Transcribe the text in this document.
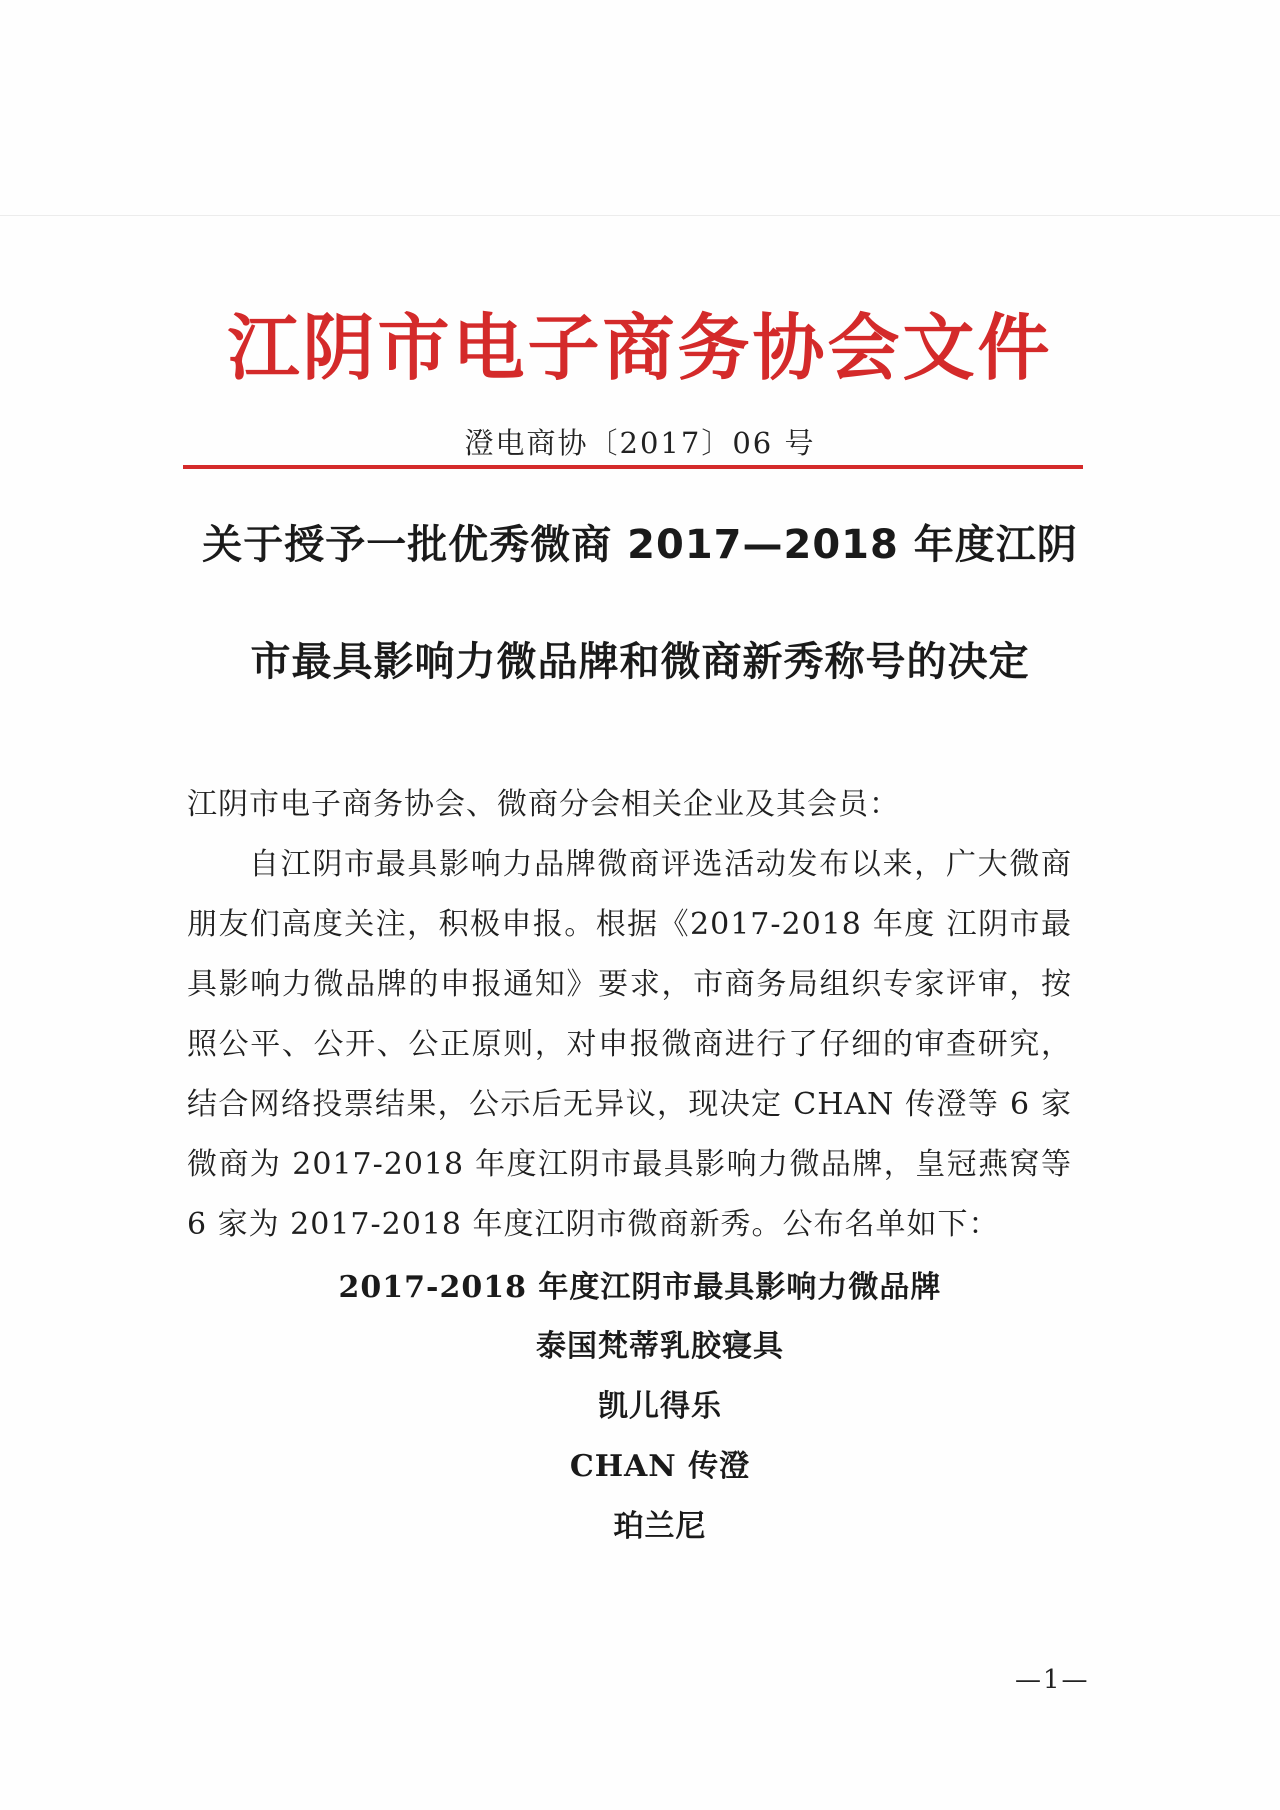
江阴市电子商务协会文件
澄电商协〔2017〕06 号
关于授予一批优秀微商 2017—2018 年度江阴
市最具影响力微品牌和微商新秀称号的决定
江阴市电子商务协会、微商分会相关企业及其会员：
自江阴市最具影响力品牌微商评选活动发布以来，广大微商朋友们高度关注，积极申报。根据《2017-2018 年度 江阴市最具影响力微品牌的申报通知》要求，市商务局组织专家评审，按照公平、公开、公正原则，对申报微商进行了仔细的审查研究，结合网络投票结果，公示后无异议，现决定 CHAN 传澄等 6 家微商为 2017-2018 年度江阴市最具影响力微品牌，皇冠燕窝等 6 家为 2017-2018 年度江阴市微商新秀。公布名单如下：
2017-2018 年度江阴市最具影响力微品牌
泰国梵蒂乳胶寝具
凯儿得乐
CHAN 传澄
珀兰尼
—1—
